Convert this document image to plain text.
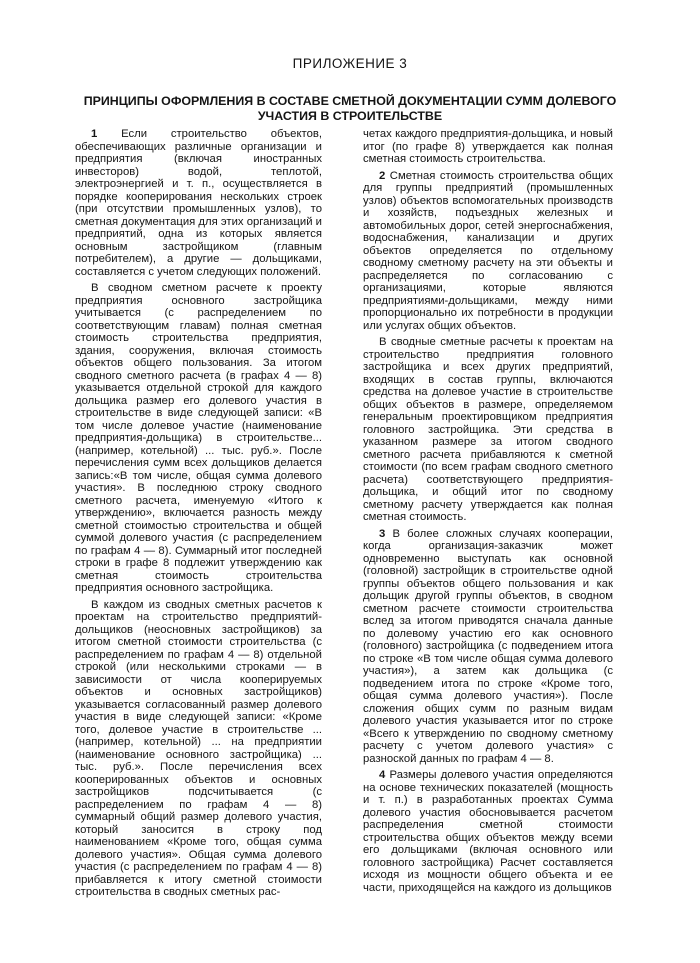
ПРИЛОЖЕНИЕ 3
ПРИНЦИПЫ ОФОРМЛЕНИЯ В СОСТАВЕ СМЕТНОЙ ДОКУМЕНТАЦИИ СУММ ДОЛЕВОГО УЧАСТИЯ В СТРОИТЕЛЬСТВЕ

1 Если строительство объектов, обеспечивающих различные организации и предприятия (включая иностранных инвесторов) водой, теплотой, электроэнергией и т. п., осуществляется в порядке кооперирования нескольких строек (при отсутствии промышленных узлов), то сметная документация для этих организаций и предприятий, одна из которых является основным застройщиком (главным потребителем), а другие — дольщиками, составляется с учетом следующих положений.

В сводном сметном расчете к проекту предприятия основного застройщика учитывается (с распределением по соответствующим главам) полная сметная стоимость строительства предприятия, здания, сооружения, включая стоимость объектов общего пользования. За итогом сводного сметного расчета (в графах 4 — 8) указывается отдельной строкой для каждого дольщика размер его долевого участия в строительстве в виде следующей записи: «В том числе долевое участие (наименование предприятия-дольщика) в строительстве... (например, котельной) ... тыс. руб.». После перечисления сумм всех дольщиков делается запись:«В том числе, общая сумма долевого участия». В последнюю строку сводного сметного расчета, именуемую «Итого к утверждению», включается разность между сметной стоимостью строительства и общей суммой долевого участия (с распределением по графам 4 — 8). Суммарный итог последней строки в графе 8 подлежит утверждению как сметная стоимость строительства предприятия основного застройщика.

В каждом из сводных сметных расчетов к проектам на строительство предприятий-дольщиков (неосновных застройщиков) за итогом сметной стоимости строительства (с распределением по графам 4 — 8) отдельной строкой (или несколькими строками — в зависимости от числа кооперируемых объектов и основных застройщиков) указывается согласованный размер долевого участия в виде следующей записи: «Кроме того, долевое участие в строительстве ... (например, котельной) ... на предприятии (наименование основного застройщика) ... тыс. руб.». После перечисления всех кооперированных объектов и основных застройщиков подсчитывается (с распределением по графам 4 — 8) суммарный общий размер долевого участия, который заносится в строку под наименованием «Кроме того, общая сумма долевого участия». Общая сумма долевого участия (с распределением по графам 4 — 8) прибавляется к итогу сметной стоимости строительства в сводных сметных рас-

четах каждого предприятия-дольщика, и новый итог (по графе 8) утверждается как полная сметная стоимость строительства.

2 Сметная стоимость строительства общих для группы предприятий (промышленных узлов) объектов вспомогательных производств и хозяйств, подъездных железных и автомобильных дорог, сетей энергоснабжения, водоснабжения, канализации и других объектов определяется по отдельному сводному сметному расчету на эти объекты и распределяется по согласованию с организациями, которые являются предприятиями-дольщиками, между ними пропорционально их потребности в продукции или услугах общих объектов.

В сводные сметные расчеты к проектам на строительство предприятия головного застройщика и всех других предприятий, входящих в состав группы, включаются средства на долевое участие в строительстве общих объектов в размере, определяемом генеральным проектировщиком предприятия головного застройщика. Эти средства в указанном размере за итогом сводного сметного расчета прибавляются к сметной стоимости (по всем графам сводного сметного расчета) соответствующего предприятия-дольщика, и общий итог по сводному сметному расчету утверждается как полная сметная стоимость.

3 В более сложных случаях кооперации, когда организация-заказчик может одновременно выступать как основной (головной) застройщик в строительстве одной группы объектов общего пользования и как дольщик другой группы объектов, в сводном сметном расчете стоимости строительства вслед за итогом приводятся сначала данные по долевому участию его как основного (головного) застройщика (с подведением итога по строке «В том числе общая сумма долевого участия»), а затем как дольщика (с подведением итога по строке «Кроме того, общая сумма долевого участия»). После сложения общих сумм по разным видам долевого участия указывается итог по строке «Всего к утверждению по сводному сметному расчету с учетом долевого участия» с разноской данных по графам 4 — 8.

4 Размеры долевого участия определяются на основе технических показателей (мощность и т. п.) в разработанных проектах Сумма долевого участия обосновывается расчетом распределения сметной стоимости строительства общих объектов между всеми его дольщиками (включая основного или головного застройщика) Расчет составляется исходя из мощности общего объекта и ее части, приходящейся на каждого из дольщиков
